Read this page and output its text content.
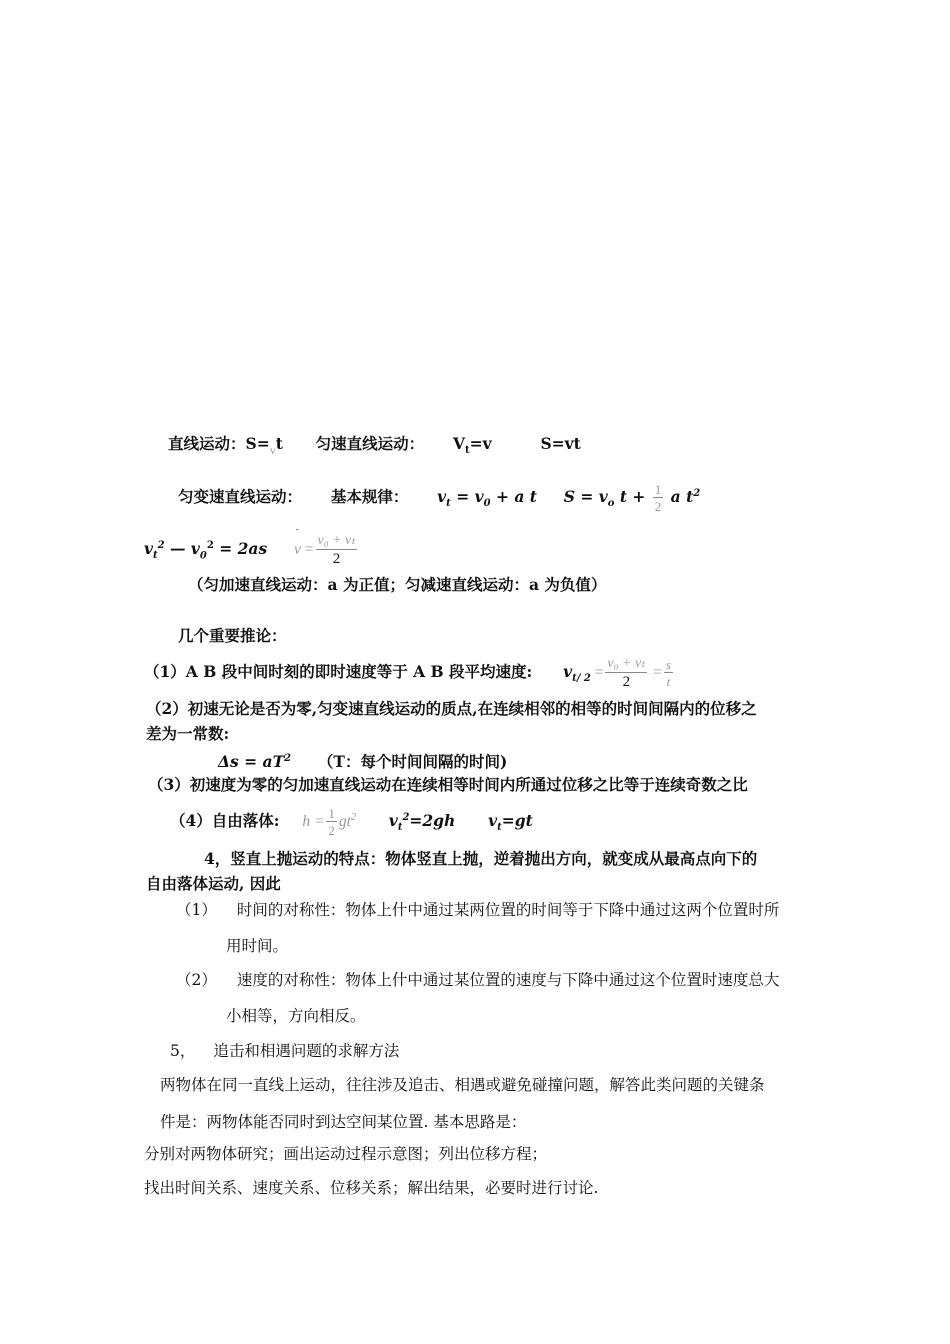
直线运动：$S=_vt$ 匀速直线运动： $V_t=v$	S=vt
匀变速直线运动： 基本规律： $v_t = v_0 + a$ t $S = v_o$ $t + \frac{1}{2}$ a $t^2$
$v_t^2$ — $v_0^2 = 2as$ $v = \frac{\text{v₀ + vₜ}}{2}$
（匀加速直线运动：a 为正值；匀减速直线运动：a 为负值）
几个重要推论：
（1）A B 段中间时刻的即时速度等于 A B 段平均速度: $v_{t/ 2} = \frac{\text{v₀ + vₜ}}{2} = \frac{s}{t}$
（2）初速无论是否为零,匀变速直线运动的质点,在连续相邻的相等的时间间隔内的位移之
差为一常数:
$\Delta s = aT^2$ （T：每个时间间隔的时间)
（3）初速度为零的匀加速直线运动在连续相等时间内所通过位移之比等于连续奇数之比
（4）自由落体: $h = \frac{1}{2} gt^2$ $v_t^2=2gh$ $v_t=gt$
4，竖直上抛运动的特点：物体竖直上抛，逆着抛出方向，就变成从最高点向下的
自由落体运动, 因此
（1） 时间的对称性：物体上什中通过某两位置的时间等于下降中通过这两个位置时所
用时间。
（2） 速度的对称性：物体上什中通过某位置的速度与下降中通过这个位置时速度总大
小相等，方向相反。
5， 追击和相遇问题的求解方法
两物体在同一直线上运动，往往涉及追击、相遇或避免碰撞问题，解答此类问题的关键条
件是：两物体能否同时到达空间某位置. 基本思路是：
分别对两物体研究；画出运动过程示意图；列出位移方程；
找出时间关系、速度关系、位移关系；解出结果，必要时进行讨论.
